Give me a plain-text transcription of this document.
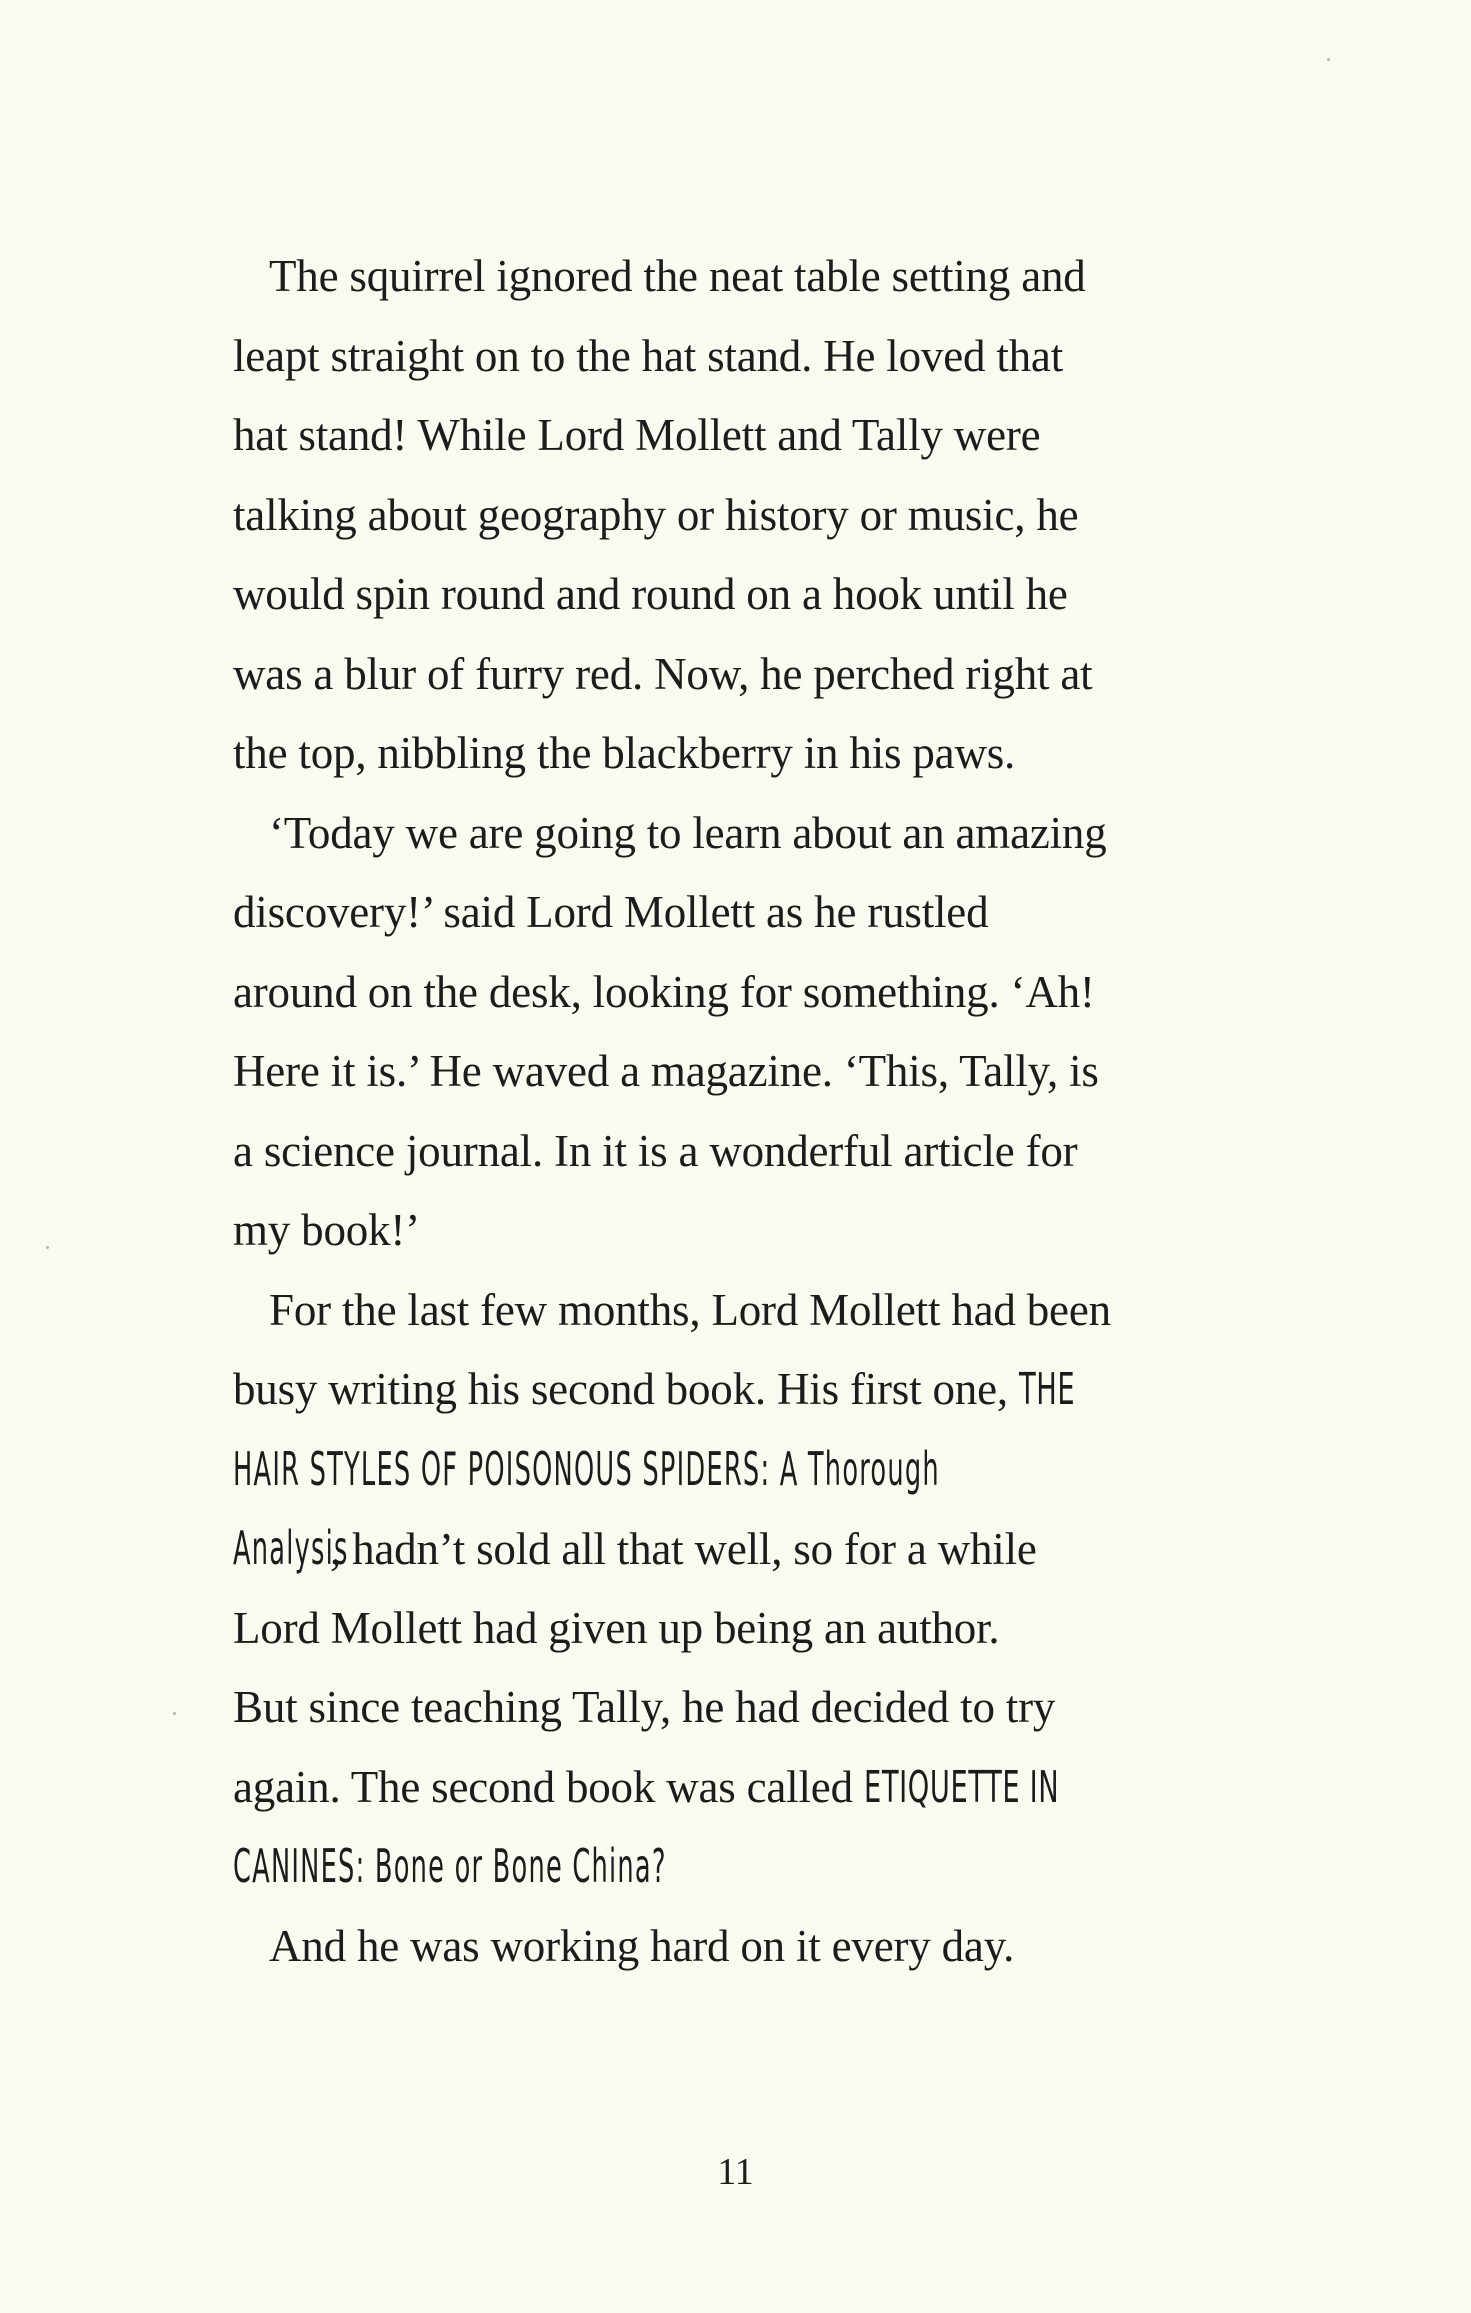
The squirrel ignored the neat table setting and
leapt straight on to the hat stand. He loved that
hat stand! While Lord Mollett and Tally were
talking about geography or history or music, he
would spin round and round on a hook until he
was a blur of furry red. Now, he perched right at
the top, nibbling the blackberry in his paws.
‘Today we are going to learn about an amazing
discovery!’ said Lord Mollett as he rustled
around on the desk, looking for something. ‘Ah!
Here it is.’ He waved a magazine. ‘This, Tally, is
a science journal. In it is a wonderful article for
my book!’
For the last few months, Lord Mollett had been
busy writing his second book. His first one, THE
HAIR STYLES OF POISONOUS SPIDERS: A Thorough
Analysis, hadn’t sold all that well, so for a while
Lord Mollett had given up being an author.
But since teaching Tally, he had decided to try
again. The second book was called ETIQUETTE IN
CANINES: Bone or Bone China?
And he was working hard on it every day.
11
